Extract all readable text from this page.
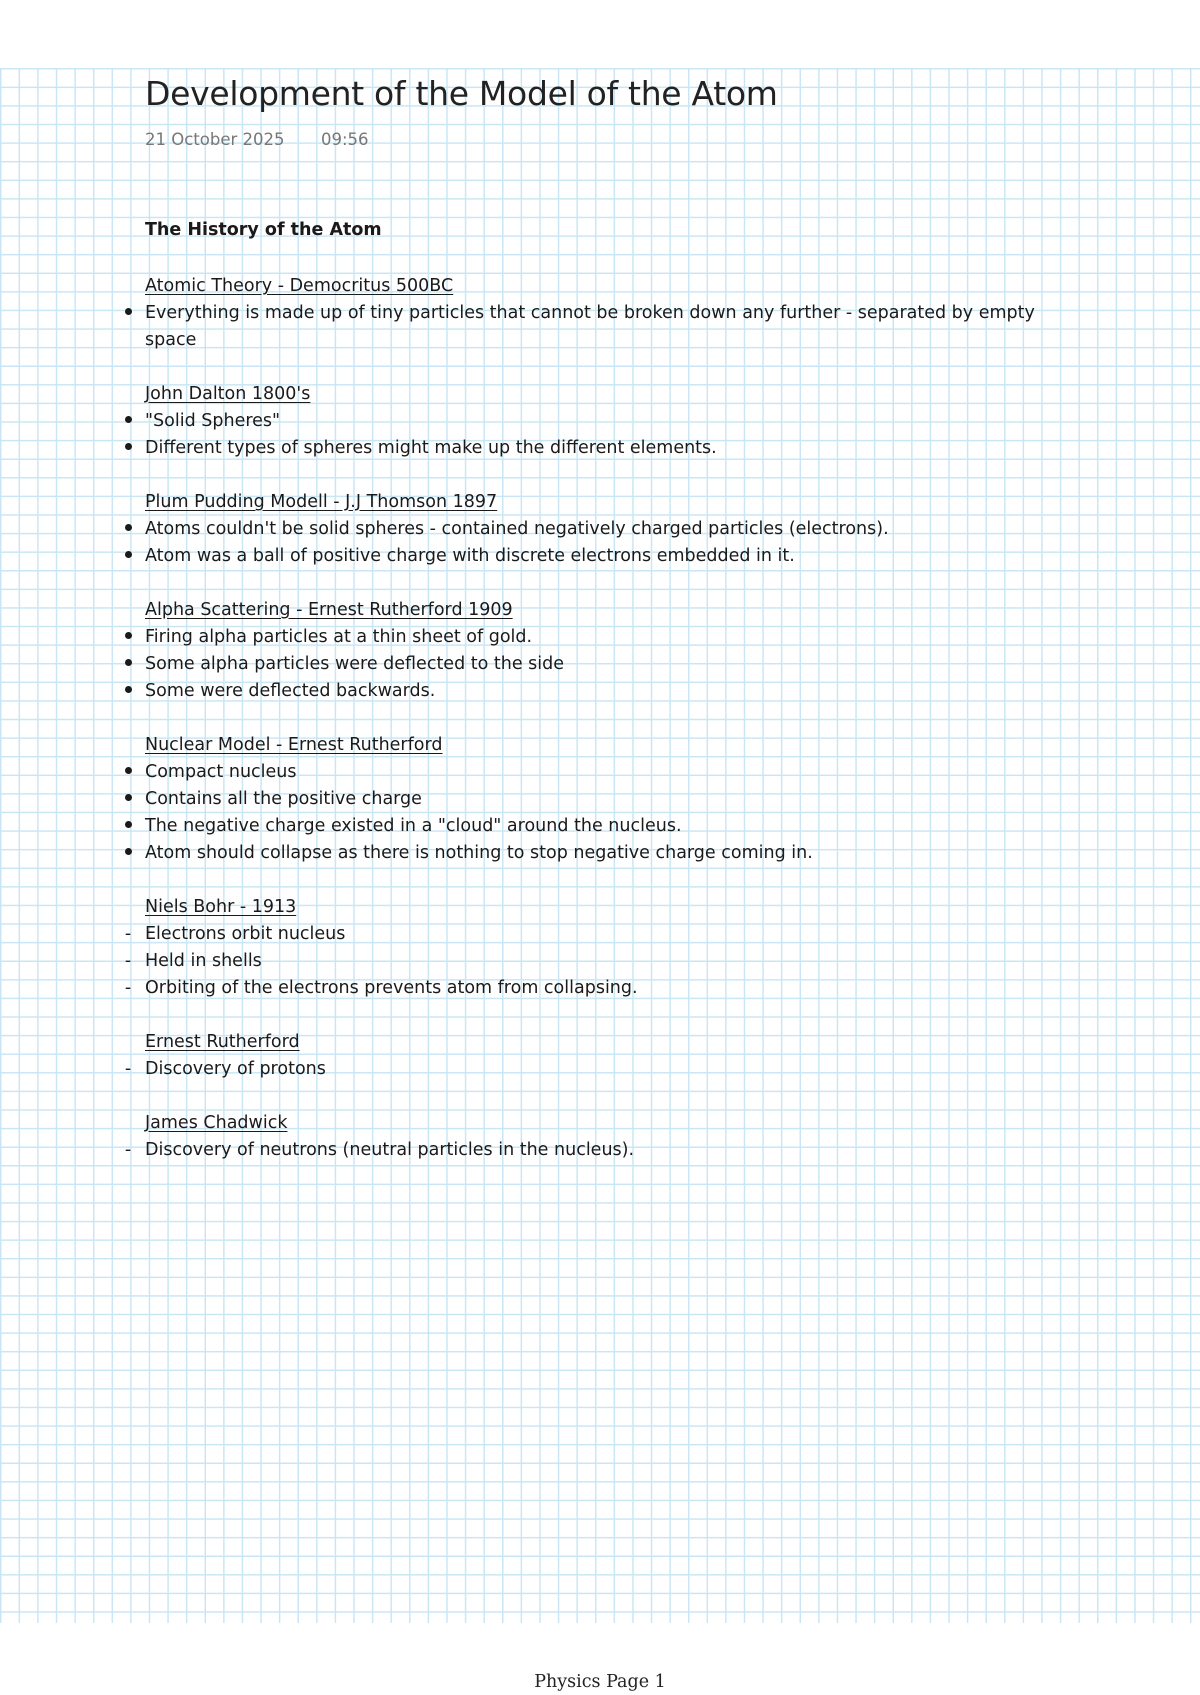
Development of the Model of the Atom
21 October 2025 09:56
The History of the Atom

Atomic Theory - Democritus 500BC

Everything is made up of tiny particles that cannot be broken down any further - separated by empty space

John Dalton 1800's

"Solid Spheres"
Different types of spheres might make up the different elements.

Plum Pudding Modell - J.J Thomson 1897

Atoms couldn't be solid spheres - contained negatively charged particles (electrons).
Atom was a ball of positive charge with discrete electrons embedded in it.

Alpha Scattering - Ernest Rutherford 1909

Firing alpha particles at a thin sheet of gold.
Some alpha particles were deflected to the side
Some were deflected backwards.

Nuclear Model - Ernest Rutherford

Compact nucleus
Contains all the positive charge
The negative charge existed in a "cloud" around the nucleus.
Atom should collapse as there is nothing to stop negative charge coming in.

Niels Bohr - 1913

- Electrons orbit nucleus
- Held in shells
- Orbiting of the electrons prevents atom from collapsing.

Ernest Rutherford

- Discovery of protons

James Chadwick

- Discovery of neutrons (neutral particles in the nucleus).
Physics Page 1
